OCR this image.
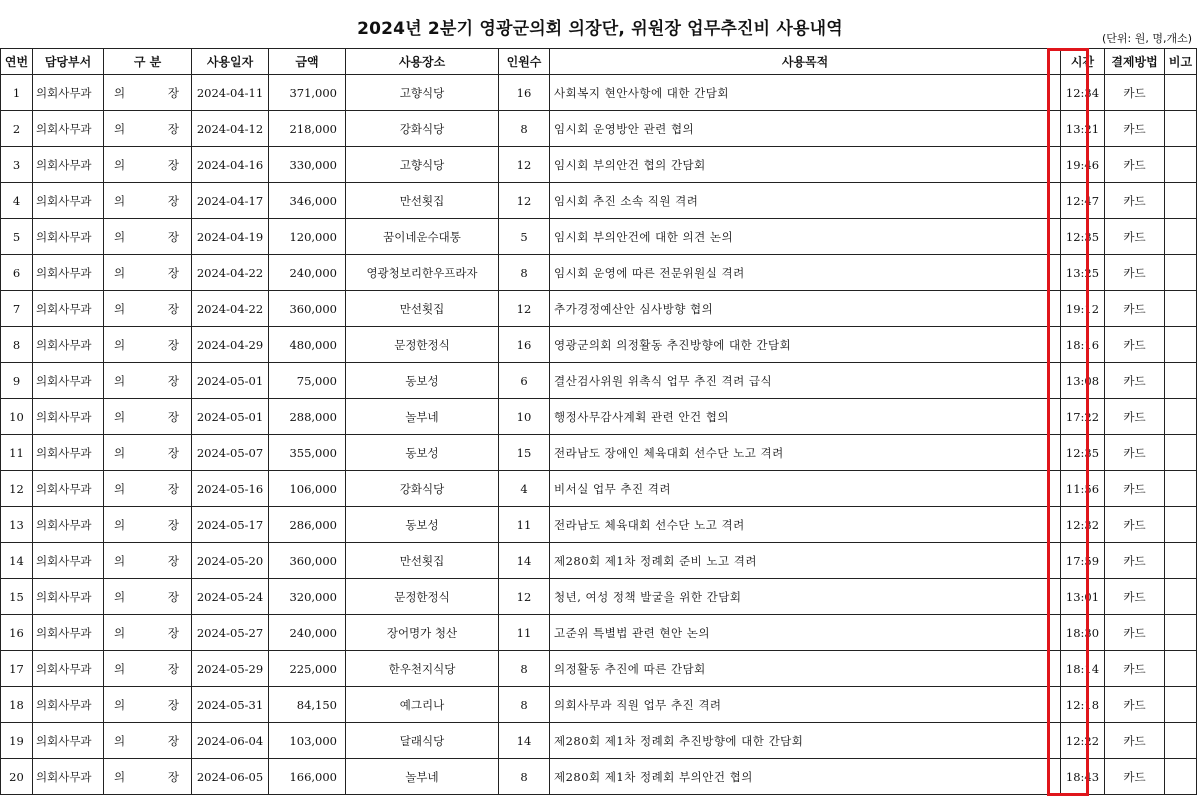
2024년 2분기 영광군의회 의장단, 위원장 업무추진비 사용내역	(단위: 원, 명,개소)
연번	담당부서	구 분	사용일자	금액	사용장소	인원수	사용목적	시간	결제방법	비고
1	의회사무과	의 장	2024-04-11	371,000	고향식당	16	사회복지 현안사항에 대한 간담회	12:34	카드	
2	의회사무과	의 장	2024-04-12	218,000	강화식당	8	임시회 운영방안 관련 협의	13:21	카드	
3	의회사무과	의 장	2024-04-16	330,000	고향식당	12	임시회 부의안건 협의 간담회	19:46	카드	
4	의회사무과	의 장	2024-04-17	346,000	만선횟집	12	임시회 추진 소속 직원 격려	12:47	카드	
5	의회사무과	의 장	2024-04-19	120,000	꿈이네운수대통	5	임시회 부의안건에 대한 의견 논의	12:35	카드	
6	의회사무과	의 장	2024-04-22	240,000	영광청보리한우프라자	8	임시회 운영에 따른 전문위원실 격려	13:25	카드	
7	의회사무과	의 장	2024-04-22	360,000	만선횟집	12	추가경정예산안 심사방향 협의	19:12	카드	
8	의회사무과	의 장	2024-04-29	480,000	문정한정식	16	영광군의회 의정활동 추진방향에 대한 간담회	18:16	카드	
9	의회사무과	의 장	2024-05-01	75,000	동보성	6	결산검사위원 위촉식 업무 추진 격려 급식	13:08	카드	
10	의회사무과	의 장	2024-05-01	288,000	놀부네	10	행정사무감사계획 관련 안건 협의	17:22	카드	
11	의회사무과	의 장	2024-05-07	355,000	동보성	15	전라남도 장애인 체육대회 선수단 노고 격려	12:35	카드	
12	의회사무과	의 장	2024-05-16	106,000	강화식당	4	비서실 업무 추진 격려	11:56	카드	
13	의회사무과	의 장	2024-05-17	286,000	동보성	11	전라남도 체육대회 선수단 노고 격려	12:32	카드	
14	의회사무과	의 장	2024-05-20	360,000	만선횟집	14	제280회 제1차 정례회 준비 노고 격려	17:59	카드	
15	의회사무과	의 장	2024-05-24	320,000	문정한정식	12	청년, 여성 정책 발굴을 위한 간담회	13:01	카드	
16	의회사무과	의 장	2024-05-27	240,000	장어명가 청산	11	고준위 특별법 관련 현안 논의	18:30	카드	
17	의회사무과	의 장	2024-05-29	225,000	한우천지식당	8	의정활동 추진에 따른 간담회	18:14	카드	
18	의회사무과	의 장	2024-05-31	84,150	예그리나	8	의회사무과 직원 업무 추진 격려	12:18	카드	
19	의회사무과	의 장	2024-06-04	103,000	달래식당	14	제280회 제1차 정례회 추진방향에 대한 간담회	12:22	카드	
20	의회사무과	의 장	2024-06-05	166,000	놀부네	8	제280회 제1차 정례회 부의안건 협의	18:43	카드	
